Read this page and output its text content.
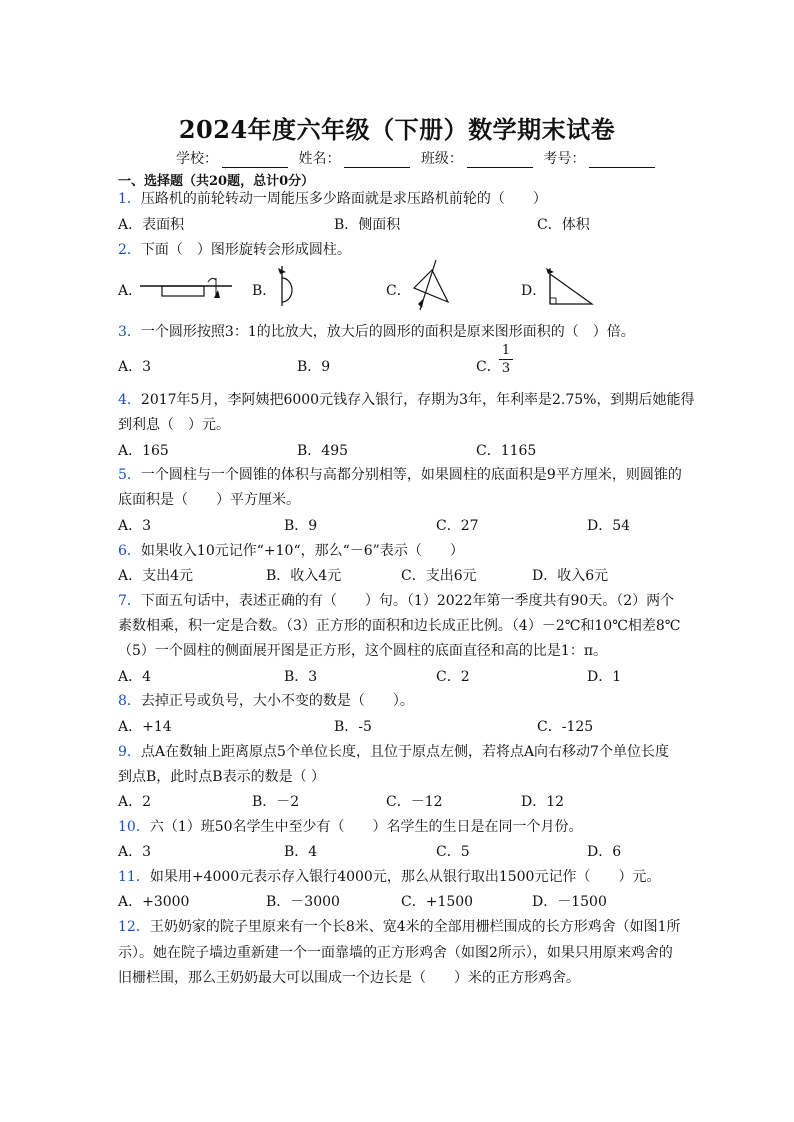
2024年度六年级（下册）数学期末试卷
学校：	姓名：	班级：	考号：
一、选择题（共20题，总计0分）
1．压路机的前轮转动一周能压多少路面就是求压路机前轮的（　　）
A．表面积	B．侧面积	C．体积
2．下面（　）图形旋转会形成圆柱。
A．	B．	C．	D．
3．一个圆形按照3：1的比放大，放大后的圆形的面积是原来图形面积的（　）倍。
A．3	B．9	C．
1
3
4．2017年5月，李阿姨把6000元钱存入银行，存期为3年，年利率是2.75%，到期后她能得
到利息（　）元。
A．165	B．495	C．1165
5．一个圆柱与一个圆锥的体积与高都分别相等，如果圆柱的底面积是9平方厘米，则圆锥的
底面积是（　　）平方厘米。
A．3	B．9	C．27	D．54
6．如果收入10元记作“+10“，那么“－6”表示（　　）
A．支出4元	B．收入4元	C．支出6元	D．收入6元
7．下面五句话中，表述正确的有（　　）句。（1）2022年第一季度共有90天。（2）两个
素数相乘，积一定是合数。（3）正方形的面积和边长成正比例。（4）－2℃和10℃相差8℃
（5）一个圆柱的侧面展开图是正方形，这个圆柱的底面直径和高的比是1：π。
A．4	B．3	C．2	D．1
8．去掉正号或负号，大小不变的数是（　　）。
A．+14	B．-5	C．-125
9．点A在数轴上距离原点5个单位长度，且位于原点左侧，若将点A向右移动7个单位长度
到点B，此时点B表示的数是（ ）
A．2	B．－2	C．－12	D．12
10．六（1）班50名学生中至少有（　　）名学生的生日是在同一个月份。
A．3	B．4	C．5	D．6
11．如果用+4000元表示存入银行4000元，那么从银行取出1500元记作（　　）元。
A．+3000	B．－3000	C．+1500	D．－1500
12．王奶奶家的院子里原来有一个长8米、宽4米的全部用栅栏围成的长方形鸡舍（如图1所
示）。她在院子墙边重新建一个一面靠墙的正方形鸡舍（如图2所示），如果只用原来鸡舍的
旧栅栏围，那么王奶奶最大可以围成一个边长是（　　）米的正方形鸡舍。
